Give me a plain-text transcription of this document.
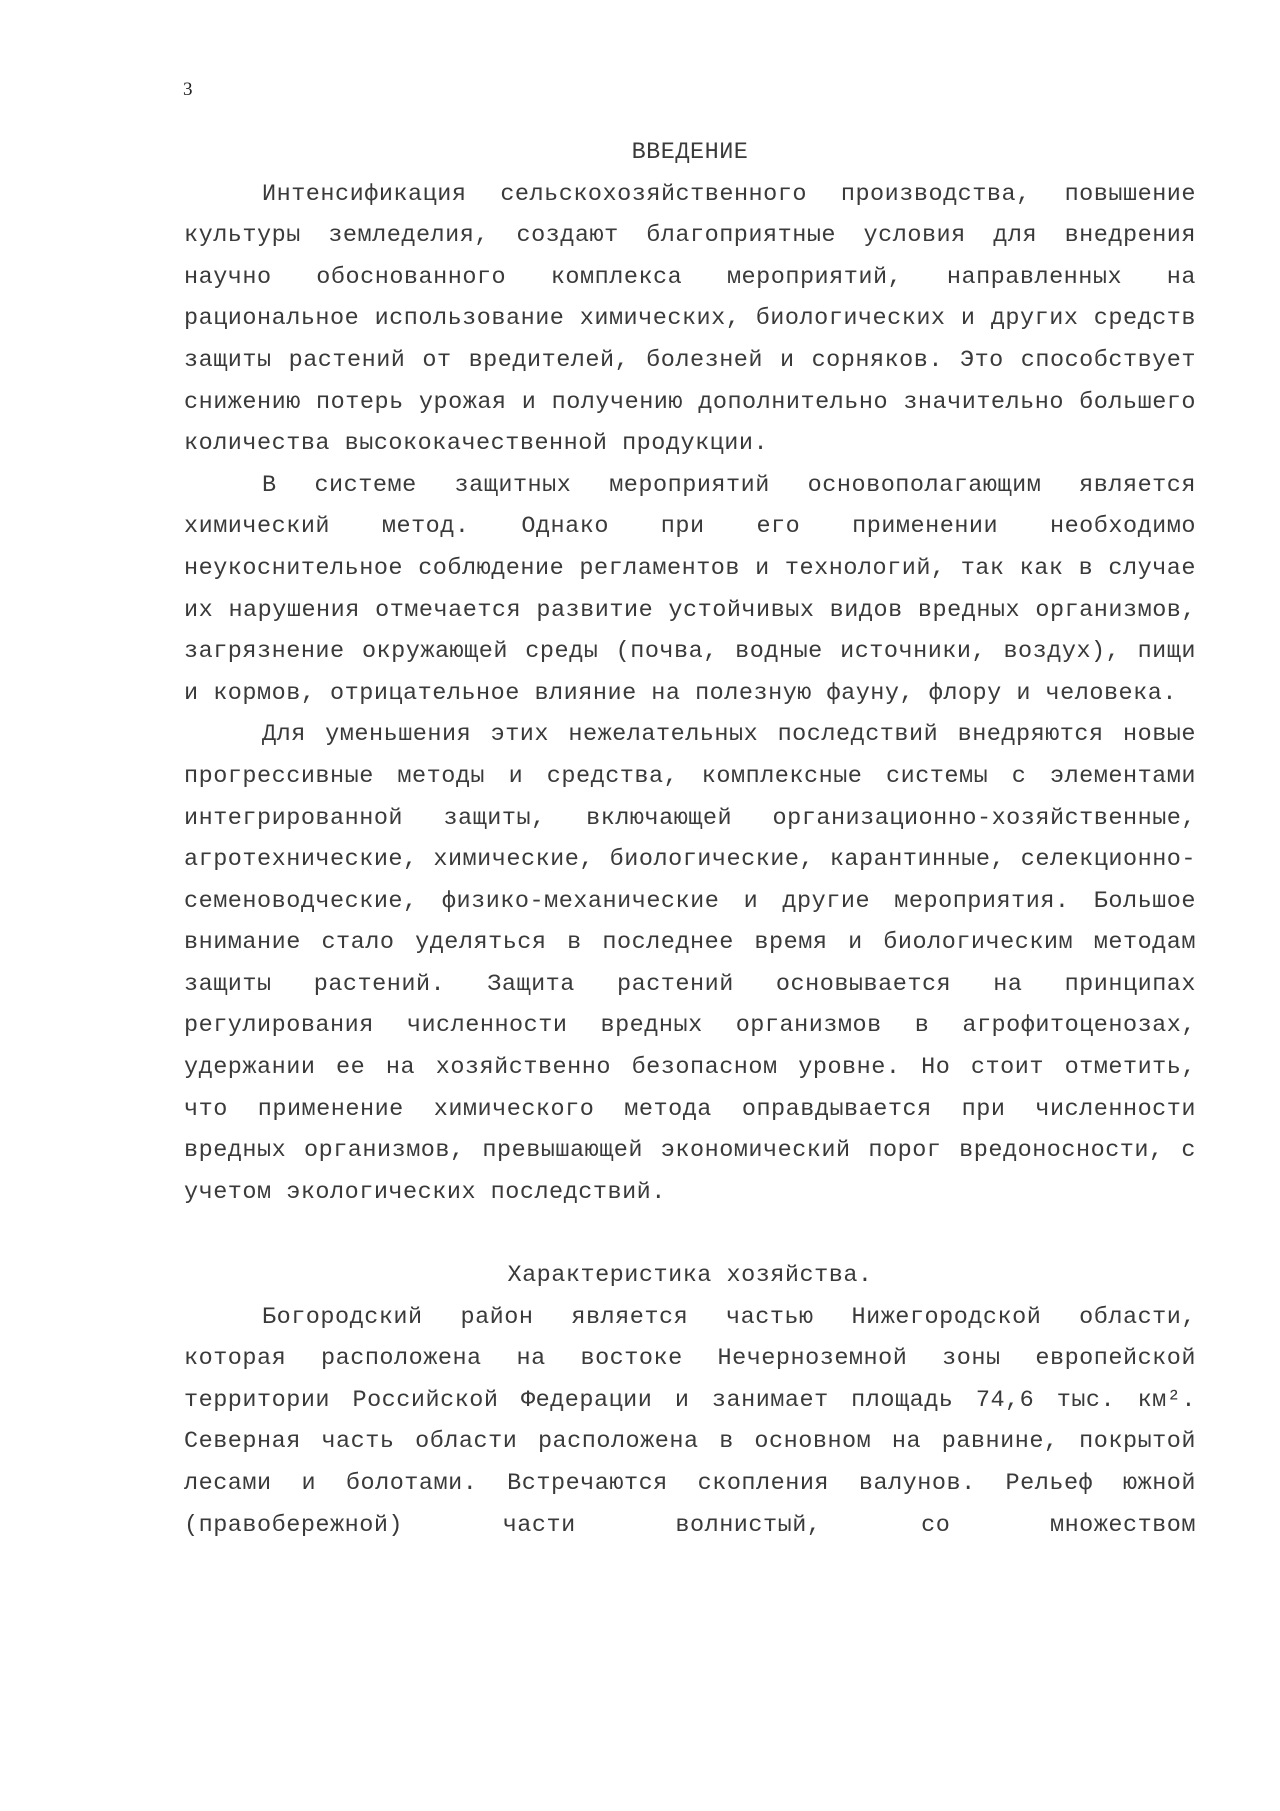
3
ВВЕДЕНИЕ

Интенсификация сельскохозяйственного производства, повышение культуры земледелия, создают благоприятные условия для внедрения научно обоснованного комплекса мероприятий, направленных на рациональное использование химических, биологических и других средств защиты растений от вредителей, болезней и сорняков. Это способствует снижению потерь урожая и получению дополнительно значительно большего количества высококачественной продукции.

В системе защитных мероприятий основополагающим является химический метод. Однако при его применении необходимо неукоснительное соблюдение регламентов и технологий, так как в случае их нарушения отмечается развитие устойчивых видов вредных организмов, загрязнение окружающей среды (почва, водные источники, воздух), пищи и кормов, отрицательное влияние на полезную фауну, флору и человека.

Для уменьшения этих нежелательных последствий внедряются новые прогрессивные методы и средства, комплексные системы с элементами интегрированной защиты, включающей организационно-хозяйственные, агротехнические, химические, биологические, карантинные, селекционно-семеноводческие, физико-механические и другие мероприятия. Большое внимание стало уделяться в последнее время и биологическим методам защиты растений. Защита растений основывается на принципах регулирования численности вредных организмов в агрофитоценозах, удержании ее на хозяйственно безопасном уровне. Но стоит отметить, что применение химического метода оправдывается при численности вредных организмов, превышающей экономический порог вредоносности, с учетом экологических последствий.

Характеристика хозяйства.

Богородский район является частью Нижегородской области, которая расположена на востоке Нечерноземной зоны европейской территории Российской Федерации и занимает площадь 74,6 тыс. км². Северная часть области расположена в основном на равнине, покрытой лесами и болотами. Встречаются скопления валунов. Рельеф южной (правобережной) части волнистый, со множеством
